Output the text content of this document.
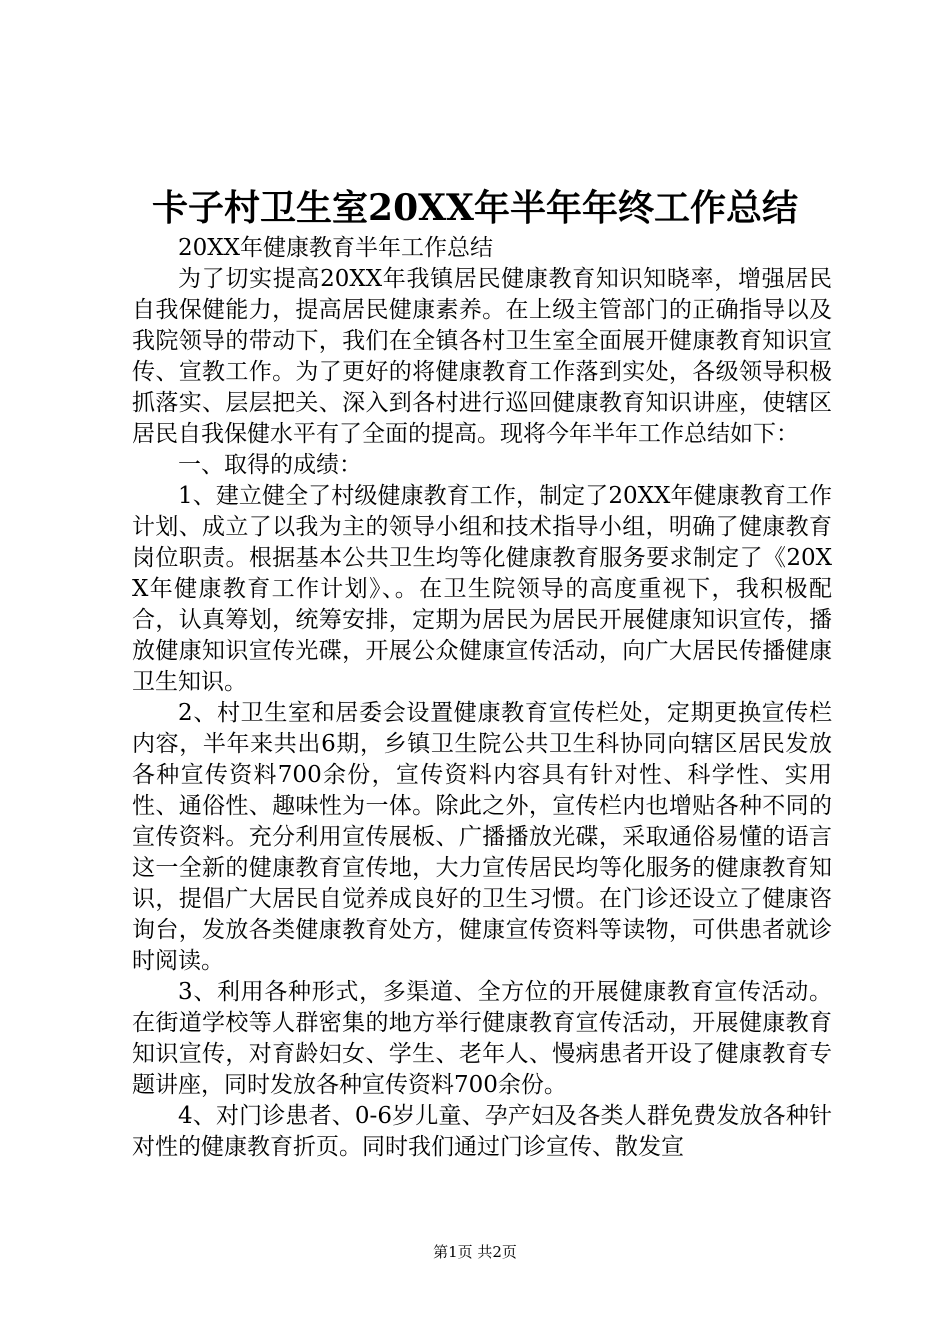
卡子村卫生室20XX年半年年终工作总结

20XX年健康教育半年工作总结

为了切实提高20XX年我镇居民健康教育知识知晓率，增强居民自我保健能力，提高居民健康素养。在上级主管部门的正确指导以及我院领导的带动下，我们在全镇各村卫生室全面展开健康教育知识宣传、宣教工作。为了更好的将健康教育工作落到实处，各级领导积极抓落实、层层把关、深入到各村进行巡回健康教育知识讲座，使辖区居民自我保健水平有了全面的提高。现将今年半年工作总结如下：

一、取得的成绩：

1、建立健全了村级健康教育工作，制定了20XX年健康教育工作计划、成立了以我为主的领导小组和技术指导小组，明确了健康教育岗位职责。根据基本公共卫生均等化健康教育服务要求制定了《20XX年健康教育工作计划》、。在卫生院领导的高度重视下，我积极配合，认真筹划，统筹安排，定期为居民为居民开展健康知识宣传，播放健康知识宣传光碟，开展公众健康宣传活动，向广大居民传播健康卫生知识。

2、村卫生室和居委会设置健康教育宣传栏处，定期更换宣传栏内容，半年来共出6期，乡镇卫生院公共卫生科协同向辖区居民发放各种宣传资料700余份，宣传资料内容具有针对性、科学性、实用性、通俗性、趣味性为一体。除此之外，宣传栏内也增贴各种不同的宣传资料。充分利用宣传展板、广播播放光碟，采取通俗易懂的语言这一全新的健康教育宣传地，大力宣传居民均等化服务的健康教育知识，提倡广大居民自觉养成良好的卫生习惯。在门诊还设立了健康咨询台，发放各类健康教育处方，健康宣传资料等读物，可供患者就诊时阅读。

3、利用各种形式，多渠道、全方位的开展健康教育宣传活动。在街道学校等人群密集的地方举行健康教育宣传活动，开展健康教育知识宣传，对育龄妇女、学生、老年人、慢病患者开设了健康教育专题讲座，同时发放各种宣传资料700余份。

4、对门诊患者、0-6岁儿童、孕产妇及各类人群免费发放各种针对性的健康教育折页。同时我们通过门诊宣传、散发宣

第1页 共2页
